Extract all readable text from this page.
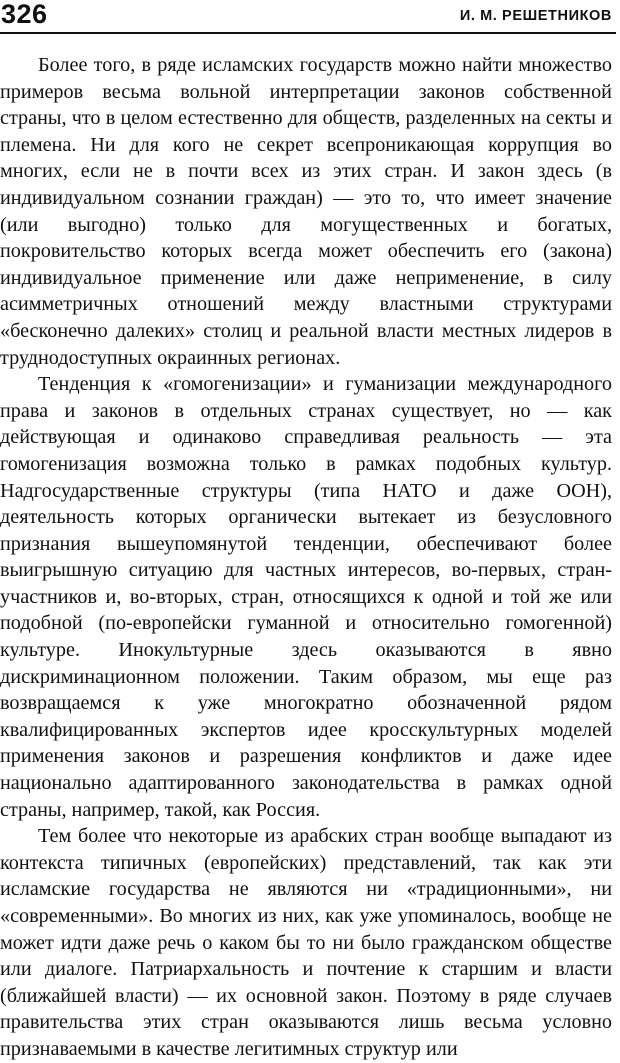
326	И. М. РЕШЕТНИКОВ

Более того, в ряде исламских государств можно найти множество примеров весьма вольной интерпретации законов собственной страны, что в целом естественно для обществ, разделенных на секты и племена. Ни для кого не секрет всепроникающая коррупция во многих, если не в почти всех из этих стран. И закон здесь (в индивидуальном сознании граждан) — это то, что имеет значение (или выгодно) только для могущественных и богатых, покровительство которых всегда может обеспечить его (закона) индивидуальное применение или даже неприменение, в силу асимметричных отношений между властными структурами «бесконечно далеких» столиц и реальной власти местных лидеров в труднодоступных окраинных регионах.

Тенденция к «гомогенизации» и гуманизации международного права и законов в отдельных странах существует, но — как действующая и одинаково справедливая реальность — эта гомогенизация возможна только в рамках подобных культур. Надгосударственные структуры (типа НАТО и даже ООН), деятельность которых органически вытекает из безусловного признания вышеупомянутой тенденции, обеспечивают более выигрышную ситуацию для частных интересов, во-первых, стран-участников и, во-вторых, стран, относящихся к одной и той же или подобной (по-европейски гуманной и относительно гомогенной) культуре. Инокультурные здесь оказываются в явно дискриминационном положении. Таким образом, мы еще раз возвращаемся к уже многократно обозначенной рядом квалифицированных экспертов идее кросскультурных моделей применения законов и разрешения конфликтов и даже идее национально адаптированного законодательства в рамках одной страны, например, такой, как Россия.

Тем более что некоторые из арабских стран вообще выпадают из контекста типичных (европейских) представлений, так как эти исламские государства не являются ни «традиционными», ни «современными». Во многих из них, как уже упоминалось, вообще не может идти даже речь о каком бы то ни было гражданском обществе или диалоге. Патриархальность и почтение к старшим и власти (ближайшей власти) — их основной закон. Поэтому в ряде случаев правительства этих стран оказываются лишь весьма условно признаваемыми в качестве легитимных структур или
